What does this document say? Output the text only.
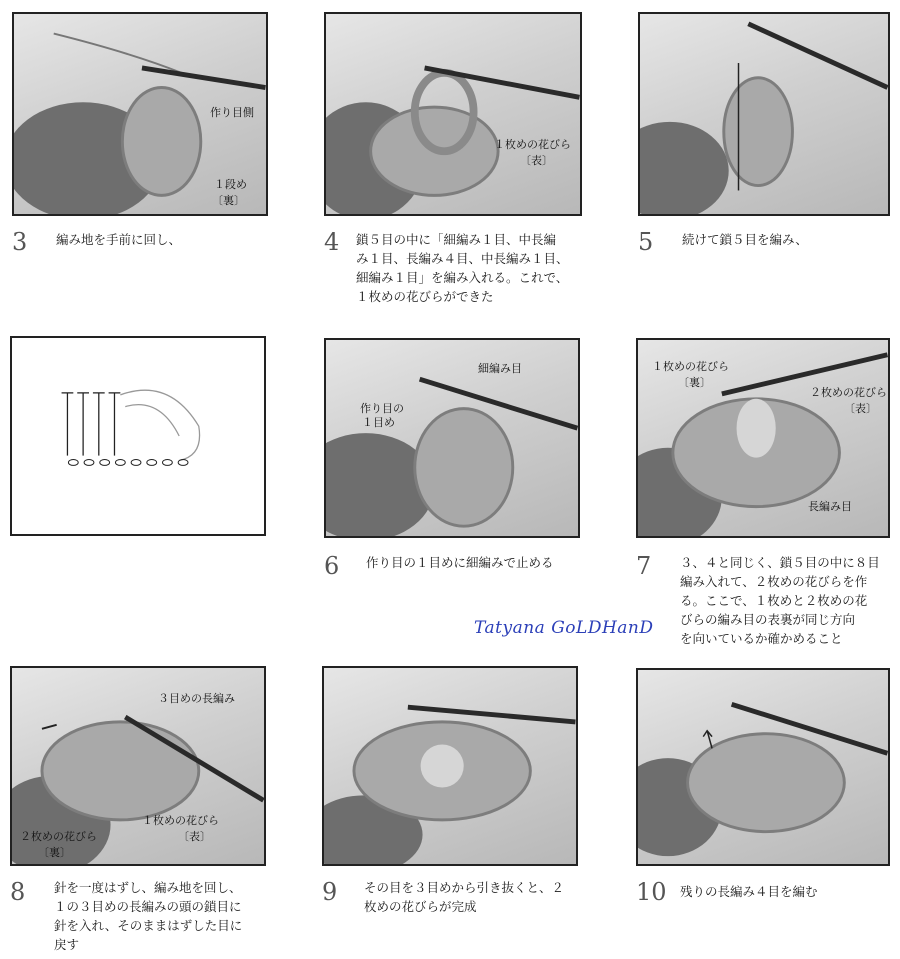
作り目側
１段め
〔裏〕
3 編み地を手前に回し、
１枚めの花びら
〔表〕
4 鎖５目の中に「細編み１目、中長編
み１目、長編み４目、中長編み１目、
細編み１目」を編み入れる。これで、
１枚めの花びらができた
5 続けて鎖５目を編み、
細編み目
作り目の
１目め
6 作り目の１目めに細編みで止める
１枚めの花びら
〔裏〕
２枚めの花びら
〔表〕
長編み目
7 ３、４と同じく、鎖５目の中に８目
編み入れて、２枚めの花びらを作
る。ここで、１枚めと２枚めの花
びらの編み目の表裏が同じ方向
を向いているか確かめること
Tatyana GoLDHanD
３目めの長編み
１枚めの花びら
〔表〕
２枚めの花びら
〔裏〕
8 針を一度はずし、編み地を回し、
１の３目めの長編みの頭の鎖目に
針を入れ、そのままはずした目に
戻す
9 その目を３目めから引き抜くと、２
枚めの花びらが完成
10 残りの長編み４目を編む
